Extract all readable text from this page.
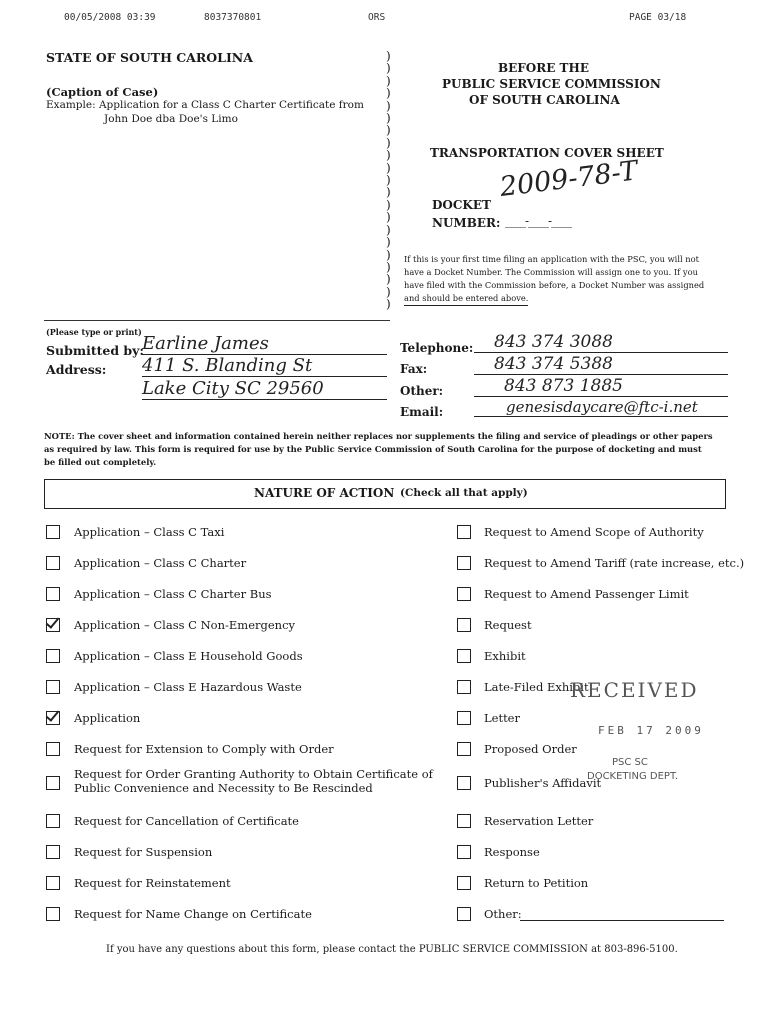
00/05/2008 03:39	8037370801	ORS	PAGE 03/18
STATE OF SOUTH CAROLINA
(Caption of Case)
Example: Application for a Class C Charter Certificate from
John Doe dba Doe's Limo
)
)
)
)
)
)
)
)
)
)
)
)
)
)
)
)
)
)
)
)
)
BEFORE THE
PUBLIC SERVICE COMMISSION
OF SOUTH CAROLINA
TRANSPORTATION COVER SHEET
DOCKET
2009-78-T
NUMBER: ____-____-____
If this is your first time filing an application with the PSC, you will not
have a Docket Number. The Commission will assign one to you. If you
have filed with the Commission before, a Docket Number was assigned
and should be entered above.
(Please type or print)
Submitted by:
Earline James
Address: 411 S. Blanding St
Lake City SC 29560
Telephone:	843 374 3088
Fax:	843 374 5388
Other:	843 873 1885
Email:	genesisdaycare@ftc-i.net
NOTE: The cover sheet and information contained herein neither replaces nor supplements the filing and service of pleadings or other papers
as required by law. This form is required for use by the Public Service Commission of South Carolina for the purpose of docketing and must
be filled out completely.
NATURE OF ACTION (Check all that apply)
Application – Class C Taxi
Application – Class C Charter
Application – Class C Charter Bus
Application – Class C Non-Emergency
Application – Class E Household Goods
Application – Class E Hazardous Waste
Application
Request for Extension to Comply with Order
Request for Order Granting Authority to Obtain Certificate of
Public Convenience and Necessity to Be Rescinded
Request for Cancellation of Certificate
Request for Suspension
Request for Reinstatement
Request for Name Change on Certificate
Request to Amend Scope of Authority
Request to Amend Tariff (rate increase, etc.)
Request to Amend Passenger Limit
Request
Exhibit
Late-Filed Exhibit
Letter
Proposed Order
Publisher's Affidavit
Reservation Letter
Response
Return to Petition
Other:
RECEIVED
FEB 17 2009
PSC SC
DOCKETING DEPT.
If you have any questions about this form, please contact the PUBLIC SERVICE COMMISSION at 803-896-5100.
